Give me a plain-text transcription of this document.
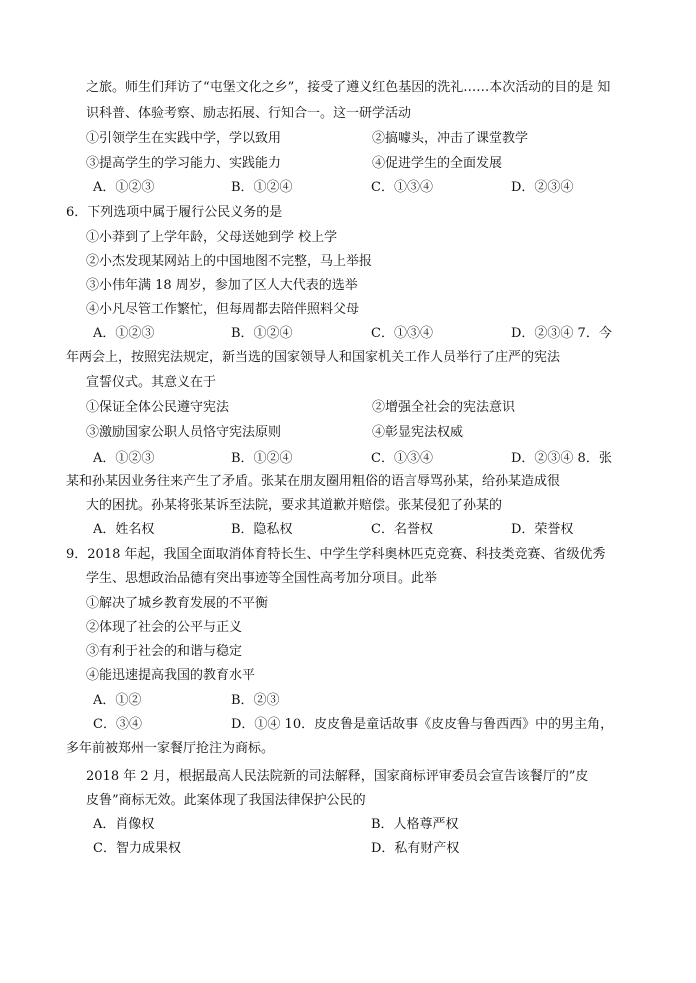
之旅。师生们拜访了“屯堡文化之乡”，接受了遵义红色基因的洗礼……本次活动的目的是 知
识科普、体验考察、励志拓展、行知合一。这一研学活动
①引领学生在实践中学，学以致用	②搞噱头，冲击了课堂教学
③提高学生的学习能力、实践能力	④促进学生的全面发展
A．①②③	B．①②④	C．①③④	D．②③④
6．下列选项中属于履行公民义务的是
①小莽到了上学年龄，父母送她到学 校上学
②小杰发现某网站上的中国地图不完整，马上举报
③小伟年满 18 周岁，参加了区人大代表的选举
④小凡尽管工作繁忙，但每周都去陪伴照料父母
A．①②③	B．①②④	C．①③④	D．②③④ 7．今
年两会上，按照宪法规定，新当选的国家领导人和国家机关工作人员举行了庄严的宪法
宣誓仪式。其意义在于
①保证全体公民遵守宪法	②增强全社会的宪法意识
③激励国家公职人员恪守宪法原则	④彰显宪法权威
A．①②③	B．①②④	C．①③④	D．②③④ 8．张
某和孙某因业务往来产生了矛盾。张某在朋友圈用粗俗的语言辱骂孙某，给孙某造成很
大的困扰。孙某将张某诉至法院，要求其道歉并赔偿。张某侵犯了孙某的
A．姓名权	B．隐私权	C．名誉权	D．荣誉权
9．2018 年起，我国全面取消体育特长生、中学生学科奥林匹克竞赛、科技类竞赛、省级优秀
学生、思想政治品德有突出事迹等全国性高考加分项目。此举
①解决了城乡教育发展的不平衡
②体现了社会的公平与正义
③有利于社会的和谐与稳定
④能迅速提高我国的教育水平
A．①②	B．②③
C．③④	D．①④ 10．皮皮鲁是童话故事《皮皮鲁与鲁西西》中的男主角，
多年前被郑州一家餐厅抢注为商标。
2018 年 2 月，根据最高人民法院新的司法解释，国家商标评审委员会宣告该餐厅的”皮
皮鲁”商标无效。此案体现了我国法律保护公民的
A．肖像权	B．人格尊严权
C．智力成果权	D．私有财产权
